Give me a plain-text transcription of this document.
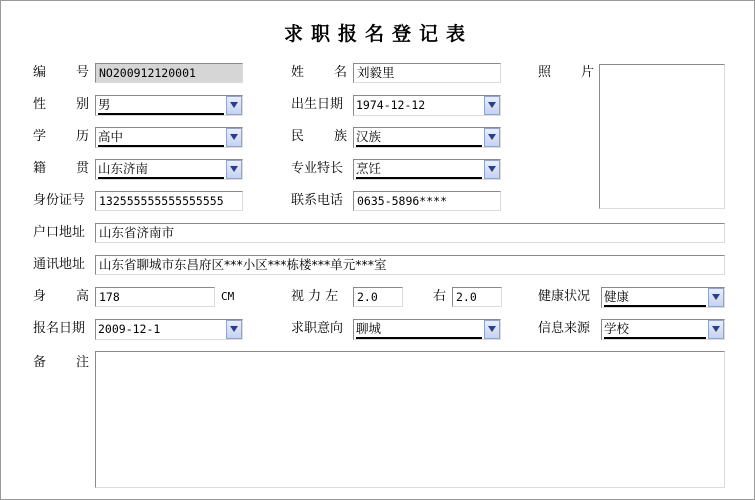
求职报名登记表
编 号 NO200912120001	姓 名 刘毅里	照 片
性 别 男	出生日期 1974-12-12
学 历 高中	民 族 汉族
籍 贯 山东济南	专业特长 烹饪
身份证号	132555555555555555	联系电话	0635-5896****
户口地址	山东省济南市
通讯地址	山东省聊城市东昌府区***小区***栋楼***单元***室
身 高 178	CM	视 力 左	2.0	右 2.0	健康状况 健康
报名日期 2009-12-1	求职意向 聊城	信息来源 学校
备 注
